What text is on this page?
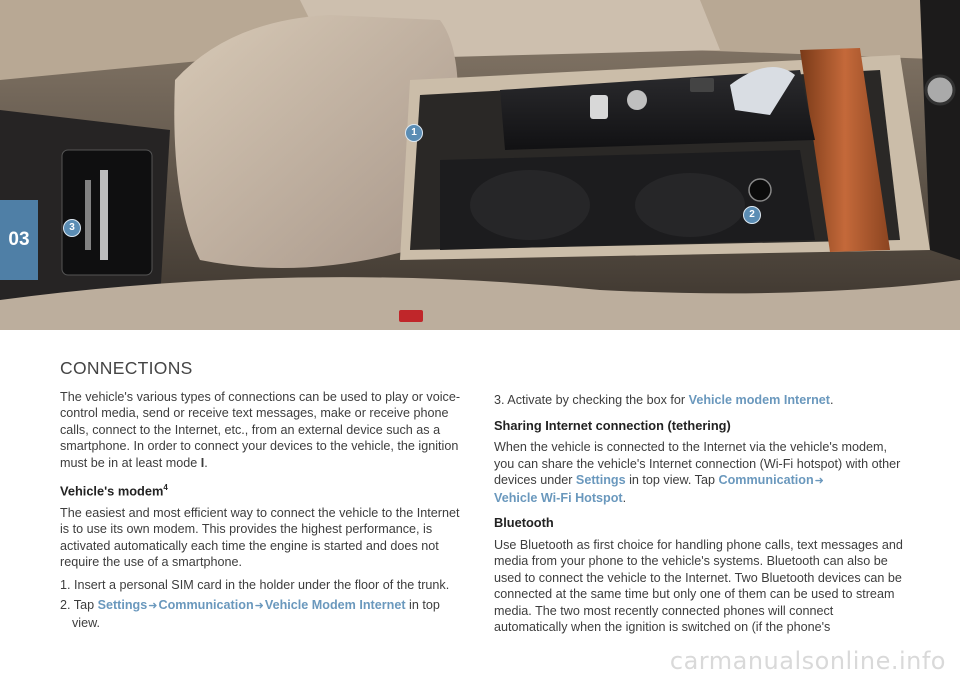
1
2
3
03
CONNECTIONS

The vehicle's various types of connections can be used to play or voice-control media, send or receive text messages, make or receive phone calls, connect to the Internet, etc., from an external device such as a smartphone. In order to connect your devices to the vehicle, the ignition must be in at least mode I.

Vehicle's modem$^4$

The easiest and most efficient way to connect the vehicle to the Internet is to use its own modem. This provides the highest performance, is activated automatically each time the engine is started and does not require the use of a smartphone.

1. Insert a personal SIM card in the holder under the floor of the trunk.

2. Tap Settings➜Communication➜Vehicle Modem Internet in top view.

3. Activate by checking the box for Vehicle modem Internet.

Sharing Internet connection (tethering)

When the vehicle is connected to the Internet via the vehicle's modem, you can share the vehicle's Internet connection (Wi-Fi hotspot) with other devices under Settings in top view. Tap Communication➜
Vehicle Wi-Fi Hotspot.

Bluetooth

Use Bluetooth as first choice for handling phone calls, text messages and media from your phone to the vehicle's systems. Bluetooth can also be used to connect the vehicle to the Internet. Two Bluetooth devices can be connected at the same time but only one of them can be used to stream media. The two most recently connected phones will connect automatically when the ignition is switched on (if the phone's

carmanualsonline.info
